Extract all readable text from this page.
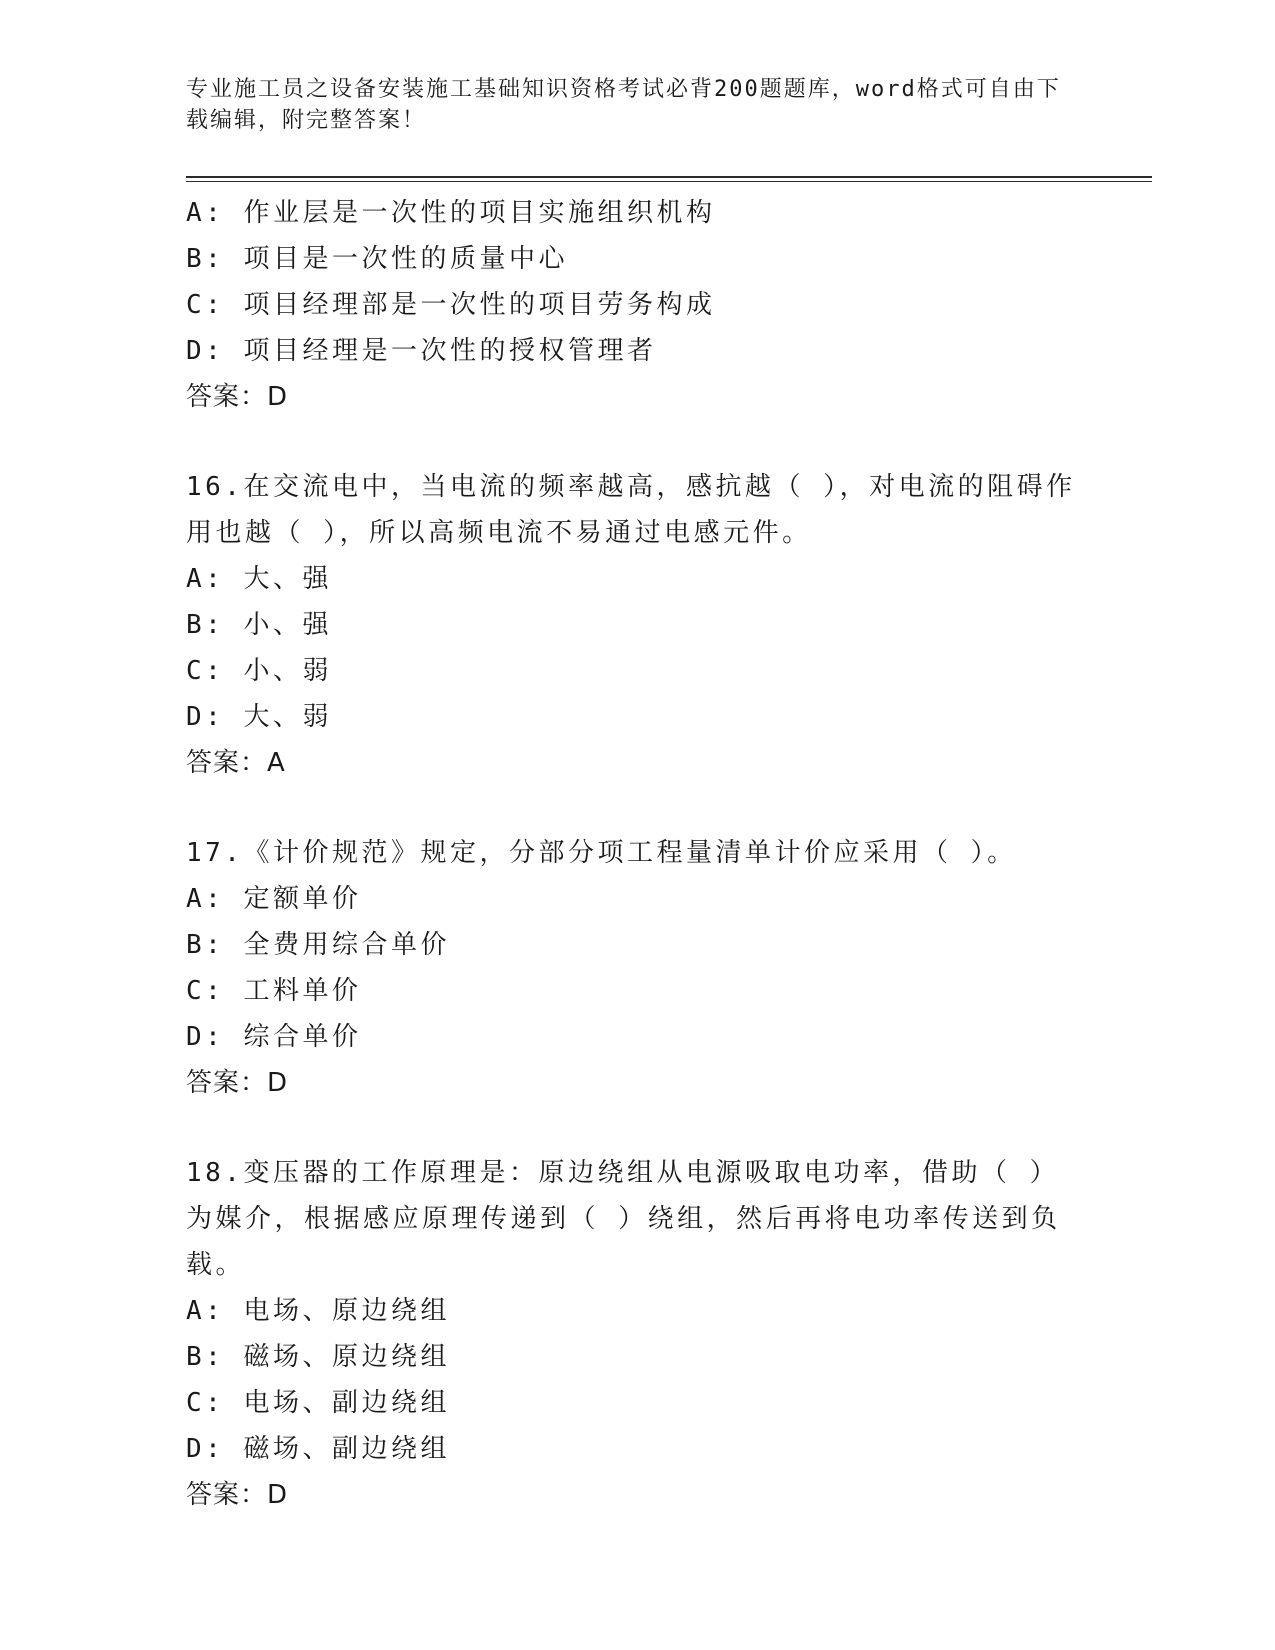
专业施工员之设备安装施工基础知识资格考试必背200题题库，word格式可自由下载编辑，附完整答案！
A: 作业层是一次性的项目实施组织机构
B: 项目是一次性的质量中心
C: 项目经理部是一次性的项目劳务构成
D: 项目经理是一次性的授权管理者
答案：D
16.在交流电中，当电流的频率越高，感抗越（ ），对电流的阻碍作用也越（ ），所以高频电流不易通过电感元件。
A: 大、强
B: 小、强
C: 小、弱
D: 大、弱
答案：A
17.《计价规范》规定，分部分项工程量清单计价应采用（ ）。
A: 定额单价
B: 全费用综合单价
C: 工料单价
D: 综合单价
答案：D
18.变压器的工作原理是：原边绕组从电源吸取电功率，借助（ ）为媒介，根据感应原理传递到（ ）绕组，然后再将电功率传送到负载。
A: 电场、原边绕组
B: 磁场、原边绕组
C: 电场、副边绕组
D: 磁场、副边绕组
答案：D
